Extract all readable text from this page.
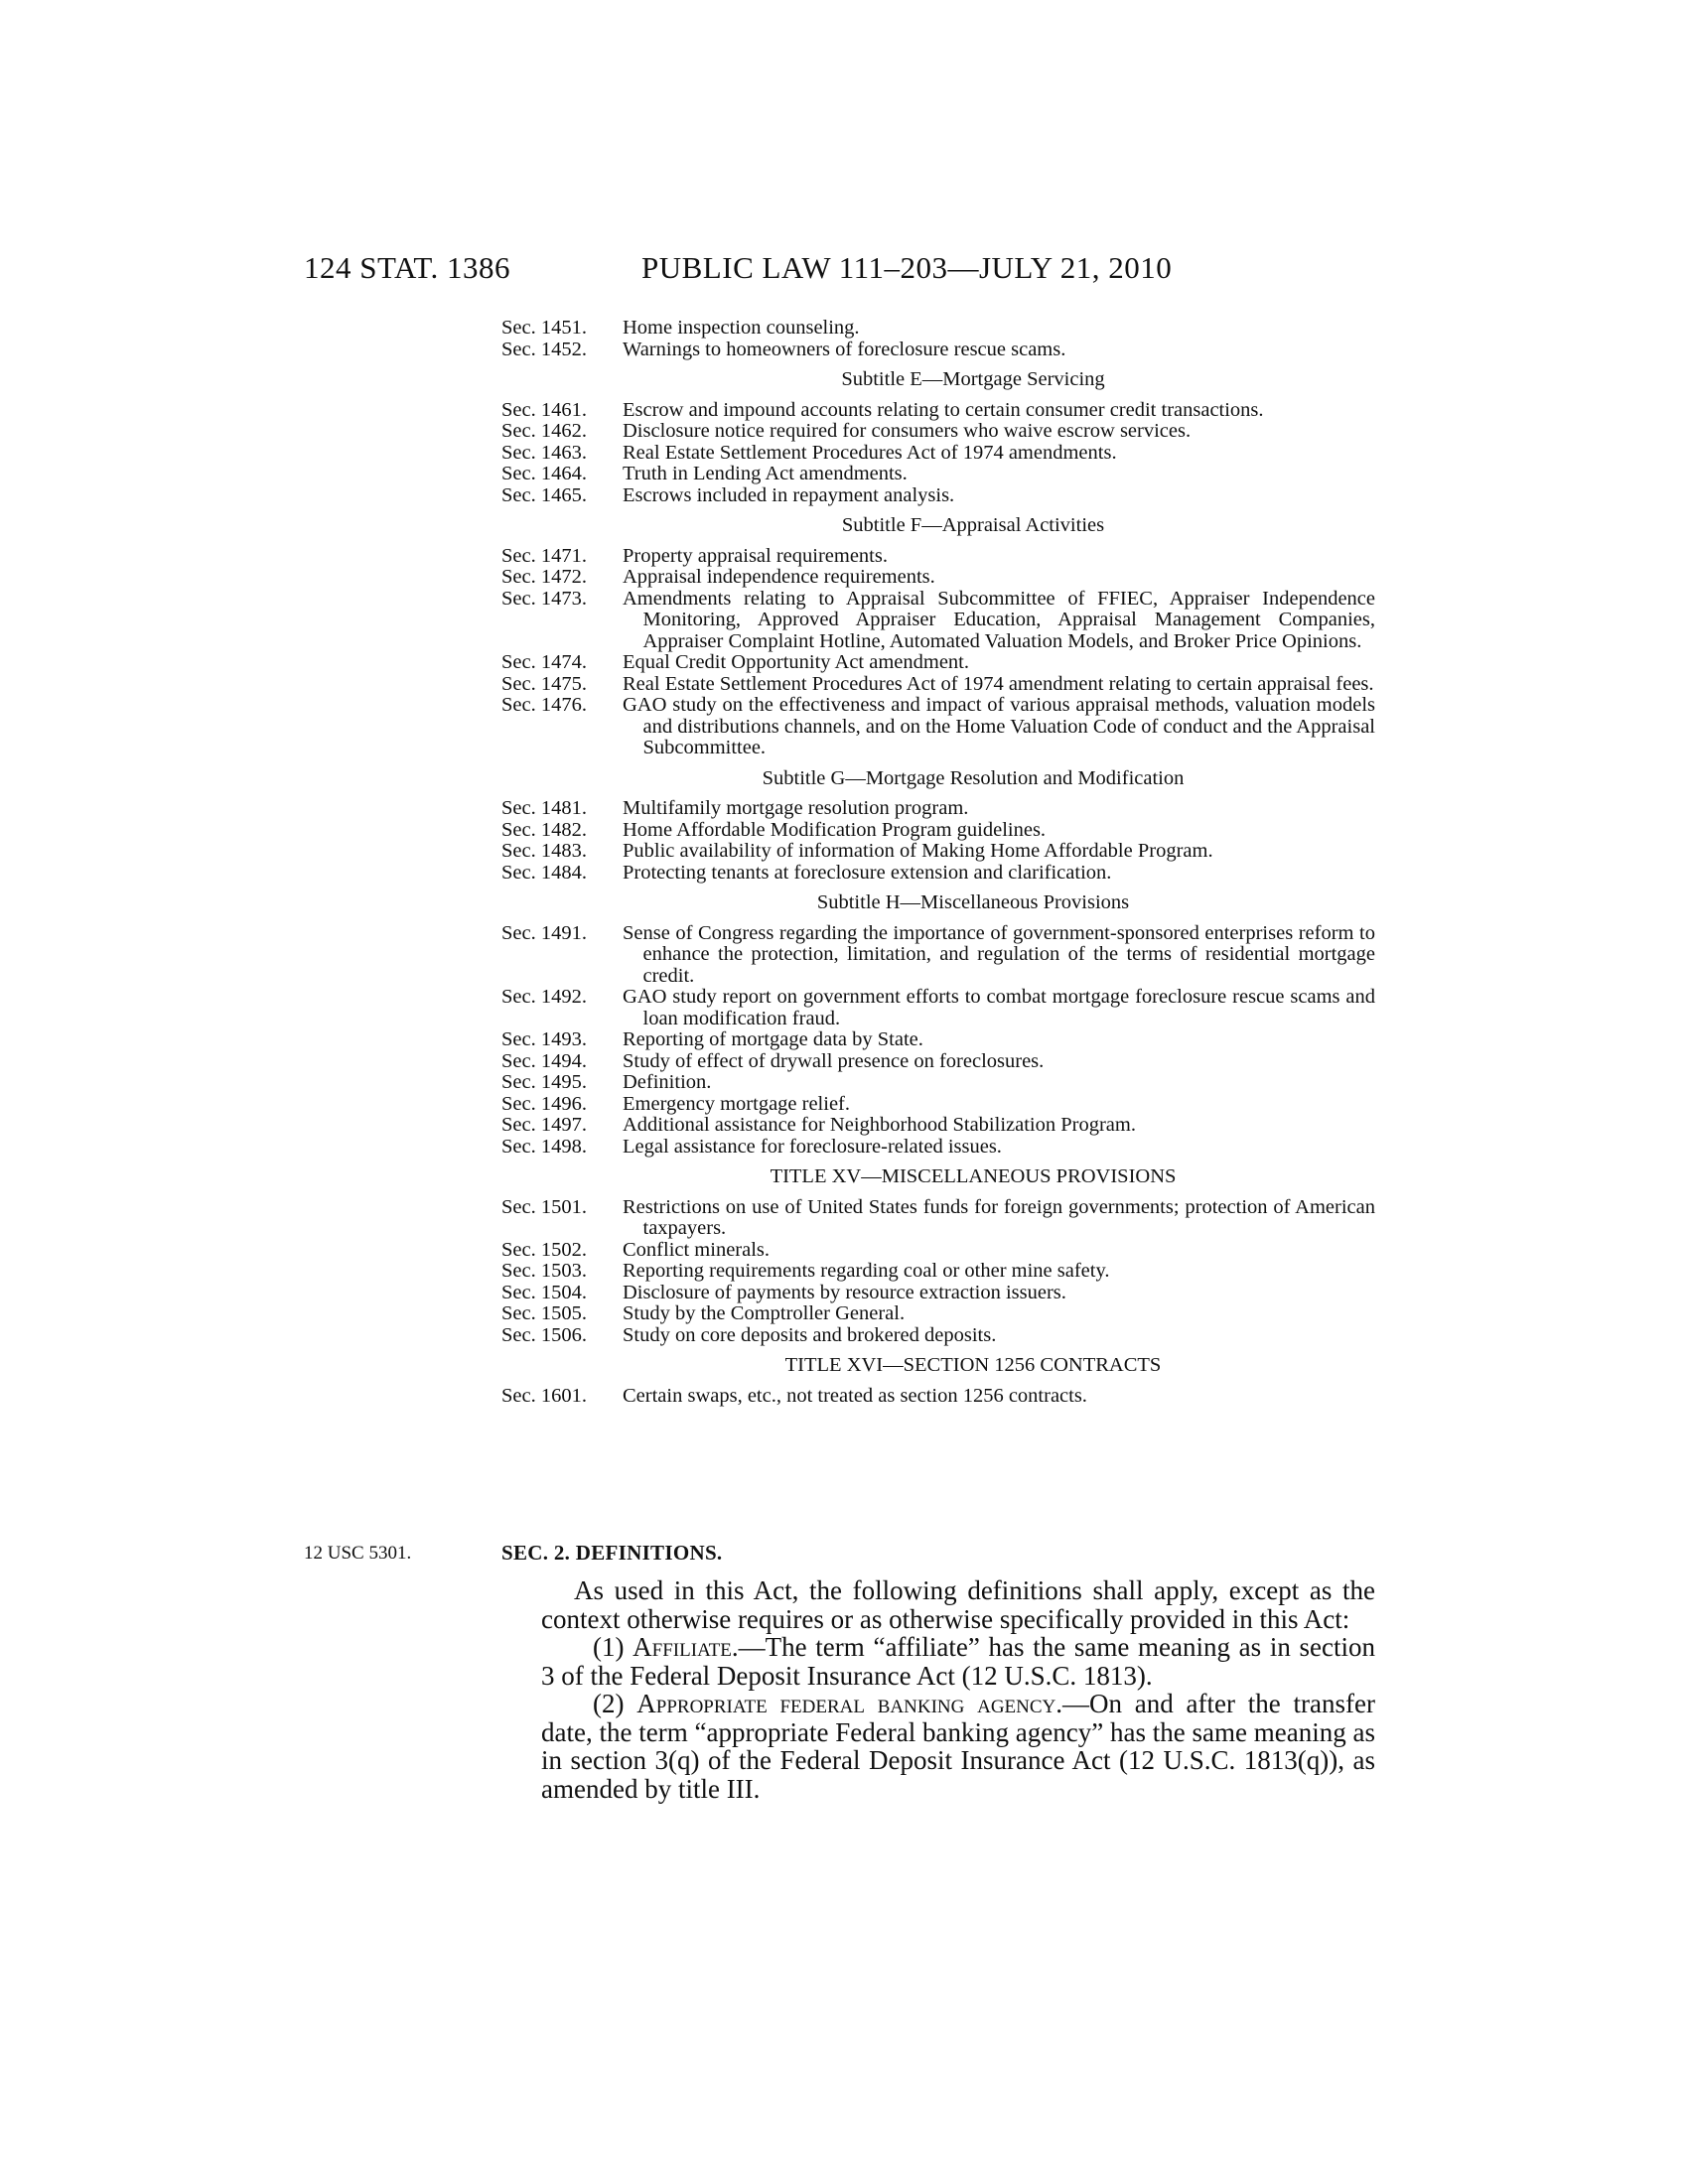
124 STAT. 1386	PUBLIC LAW 111–203—JULY 21, 2010
Sec. 1451.	Home inspection counseling.
Sec. 1452.	Warnings to homeowners of foreclosure rescue scams.
Subtitle E—Mortgage Servicing
Sec. 1461.	Escrow and impound accounts relating to certain consumer credit transactions.
Sec. 1462.	Disclosure notice required for consumers who waive escrow services.
Sec. 1463.	Real Estate Settlement Procedures Act of 1974 amendments.
Sec. 1464.	Truth in Lending Act amendments.
Sec. 1465.	Escrows included in repayment analysis.
Subtitle F—Appraisal Activities
Sec. 1471.	Property appraisal requirements.
Sec. 1472.	Appraisal independence requirements.
Sec. 1473.	Amendments relating to Appraisal Subcommittee of FFIEC, Appraiser Independence Monitoring, Approved Appraiser Education, Appraisal Management Companies, Appraiser Complaint Hotline, Automated Valuation Models, and Broker Price Opinions.
Sec. 1474.	Equal Credit Opportunity Act amendment.
Sec. 1475.	Real Estate Settlement Procedures Act of 1974 amendment relating to certain appraisal fees.
Sec. 1476.	GAO study on the effectiveness and impact of various appraisal methods, valuation models and distributions channels, and on the Home Valuation Code of conduct and the Appraisal Subcommittee.
Subtitle G—Mortgage Resolution and Modification
Sec. 1481.	Multifamily mortgage resolution program.
Sec. 1482.	Home Affordable Modification Program guidelines.
Sec. 1483.	Public availability of information of Making Home Affordable Program.
Sec. 1484.	Protecting tenants at foreclosure extension and clarification.
Subtitle H—Miscellaneous Provisions
Sec. 1491.	Sense of Congress regarding the importance of government-sponsored enterprises reform to enhance the protection, limitation, and regulation of the terms of residential mortgage credit.
Sec. 1492.	GAO study report on government efforts to combat mortgage foreclosure rescue scams and loan modification fraud.
Sec. 1493.	Reporting of mortgage data by State.
Sec. 1494.	Study of effect of drywall presence on foreclosures.
Sec. 1495.	Definition.
Sec. 1496.	Emergency mortgage relief.
Sec. 1497.	Additional assistance for Neighborhood Stabilization Program.
Sec. 1498.	Legal assistance for foreclosure-related issues.
TITLE XV—MISCELLANEOUS PROVISIONS
Sec. 1501.	Restrictions on use of United States funds for foreign governments; protection of American taxpayers.
Sec. 1502.	Conflict minerals.
Sec. 1503.	Reporting requirements regarding coal or other mine safety.
Sec. 1504.	Disclosure of payments by resource extraction issuers.
Sec. 1505.	Study by the Comptroller General.
Sec. 1506.	Study on core deposits and brokered deposits.
TITLE XVI—SECTION 1256 CONTRACTS
Sec. 1601.	Certain swaps, etc., not treated as section 1256 contracts.
12 USC 5301.	SEC. 2. DEFINITIONS.

As used in this Act, the following definitions shall apply, except as the context otherwise requires or as otherwise specifically provided in this Act:

(1) Affiliate.—The term “affiliate” has the same meaning as in section 3 of the Federal Deposit Insurance Act (12 U.S.C. 1813).

(2) Appropriate federal banking agency.—On and after the transfer date, the term “appropriate Federal banking agency” has the same meaning as in section 3(q) of the Federal Deposit Insurance Act (12 U.S.C. 1813(q)), as amended by title III.
